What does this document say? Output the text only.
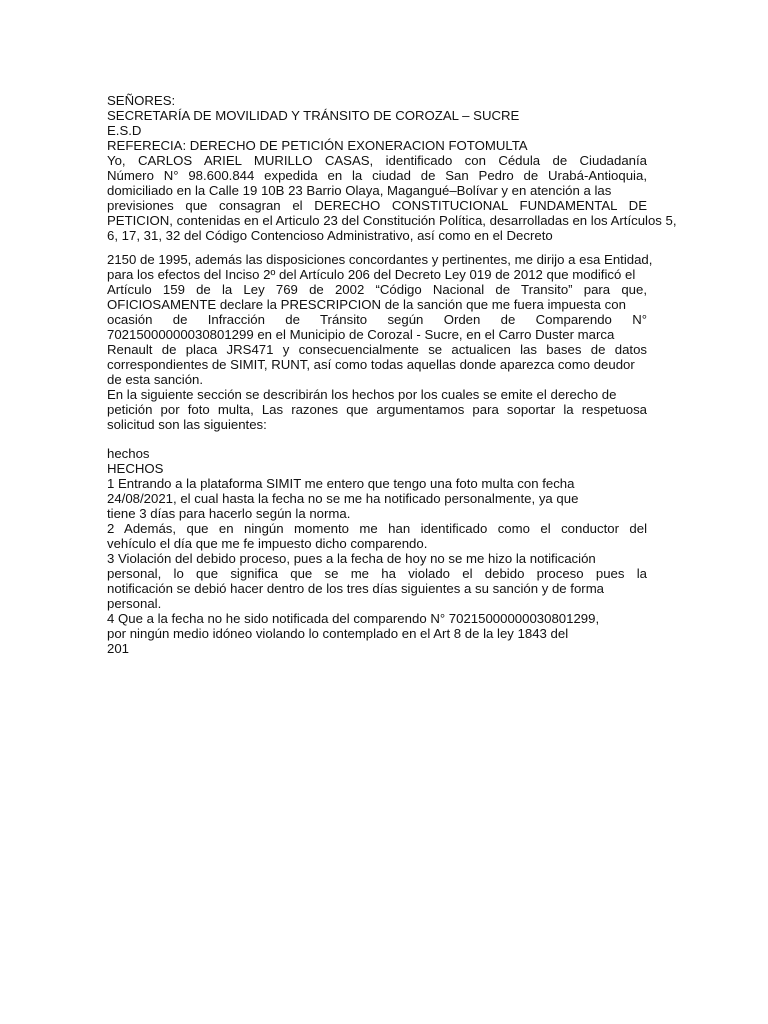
SEÑORES:
SECRETARÍA DE MOVILIDAD Y TRÁNSITO DE COROZAL – SUCRE
E.S.D
REFERECIA: DERECHO DE PETICIÓN EXONERACION FOTOMULTA
Yo, CARLOS ARIEL MURILLO CASAS, identificado con Cédula de Ciudadanía
Número N° 98.600.844 expedida en la ciudad de San Pedro de Urabá-Antioquia,
domiciliado en la Calle 19 10B 23 Barrio Olaya, Magangué–Bolívar y en atención a las
previsiones que consagran el DERECHO CONSTITUCIONAL FUNDAMENTAL DE
PETICION, contenidas en el Articulo 23 del Constitución Política, desarrolladas en los Artículos 5,
6, 17, 31, 32 del Código Contencioso Administrativo, así como en el Decreto
2150 de 1995, además las disposiciones concordantes y pertinentes, me dirijo a esa Entidad,
para los efectos del Inciso 2º del Artículo 206 del Decreto Ley 019 de 2012 que modificó el
Artículo 159 de la Ley 769 de 2002 “Código Nacional de Transito” para que,
OFICIOSAMENTE declare la PRESCRIPCION de la sanción que me fuera impuesta con
ocasión de Infracción de Tránsito según Orden de Comparendo N°
70215000000030801299 en el Municipio de Corozal - Sucre, en el Carro Duster marca
Renault de placa JRS471 y consecuencialmente se actualicen las bases de datos
correspondientes de SIMIT, RUNT, así como todas aquellas donde aparezca como deudor
de esta sanción.
En la siguiente sección se describirán los hechos por los cuales se emite el derecho de
petición por foto multa, Las razones que argumentamos para soportar la respetuosa
solicitud son las siguientes:
hechos
HECHOS
1 Entrando a la plataforma SIMIT me entero que tengo una foto multa con fecha
24/08/2021, el cual hasta la fecha no se me ha notificado personalmente, ya que
tiene 3 días para hacerlo según la norma.
2 Además, que en ningún momento me han identificado como el conductor del
vehículo el día que me fe impuesto dicho comparendo.
3 Violación del debido proceso, pues a la fecha de hoy no se me hizo la notificación
personal, lo que significa que se me ha violado el debido proceso pues la
notificación se debió hacer dentro de los tres días siguientes a su sanción y de forma
personal.
4 Que a la fecha no he sido notificada del comparendo N° 70215000000030801299,
por ningún medio idóneo violando lo contemplado en el Art 8 de la ley 1843 del
201
